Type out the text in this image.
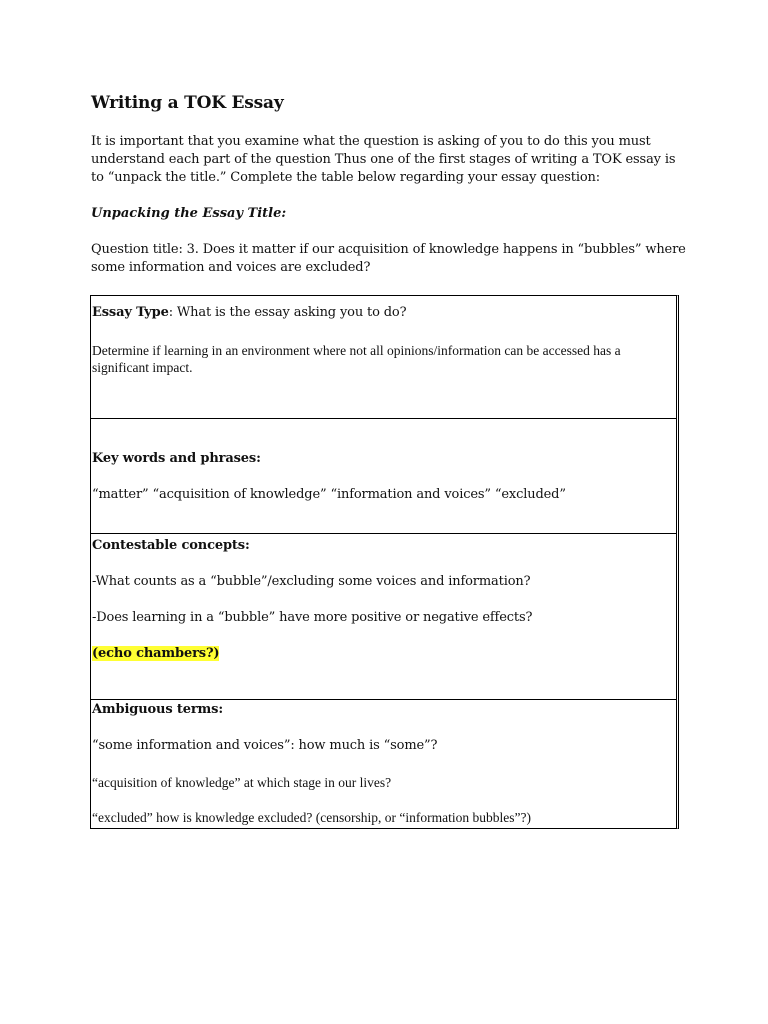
Writing a TOK Essay

It is important that you examine what the question is asking of you to do this you must understand each part of the question Thus one of the first stages of writing a TOK essay is to “unpack the title.” Complete the table below regarding your essay question:

Unpacking the Essay Title:

Question title: 3. Does it matter if our acquisition of knowledge happens in “bubbles” where some information and voices are excluded?

Essay Type: What is the essay asking you to do?
Determine if learning in an environment where not all opinions/information can be accessed has a significant impact.
Key words and phrases:
“matter” “acquisition of knowledge” “information and voices” “excluded”
Contestable concepts:
-What counts as a “bubble”/excluding some voices and information?
-Does learning in a “bubble” have more positive or negative effects?
(echo chambers?)
Ambiguous terms:
“some information and voices”: how much is “some”?
“acquisition of knowledge” at which stage in our lives?
“excluded” how is knowledge excluded? (censorship, or “information bubbles”?)
